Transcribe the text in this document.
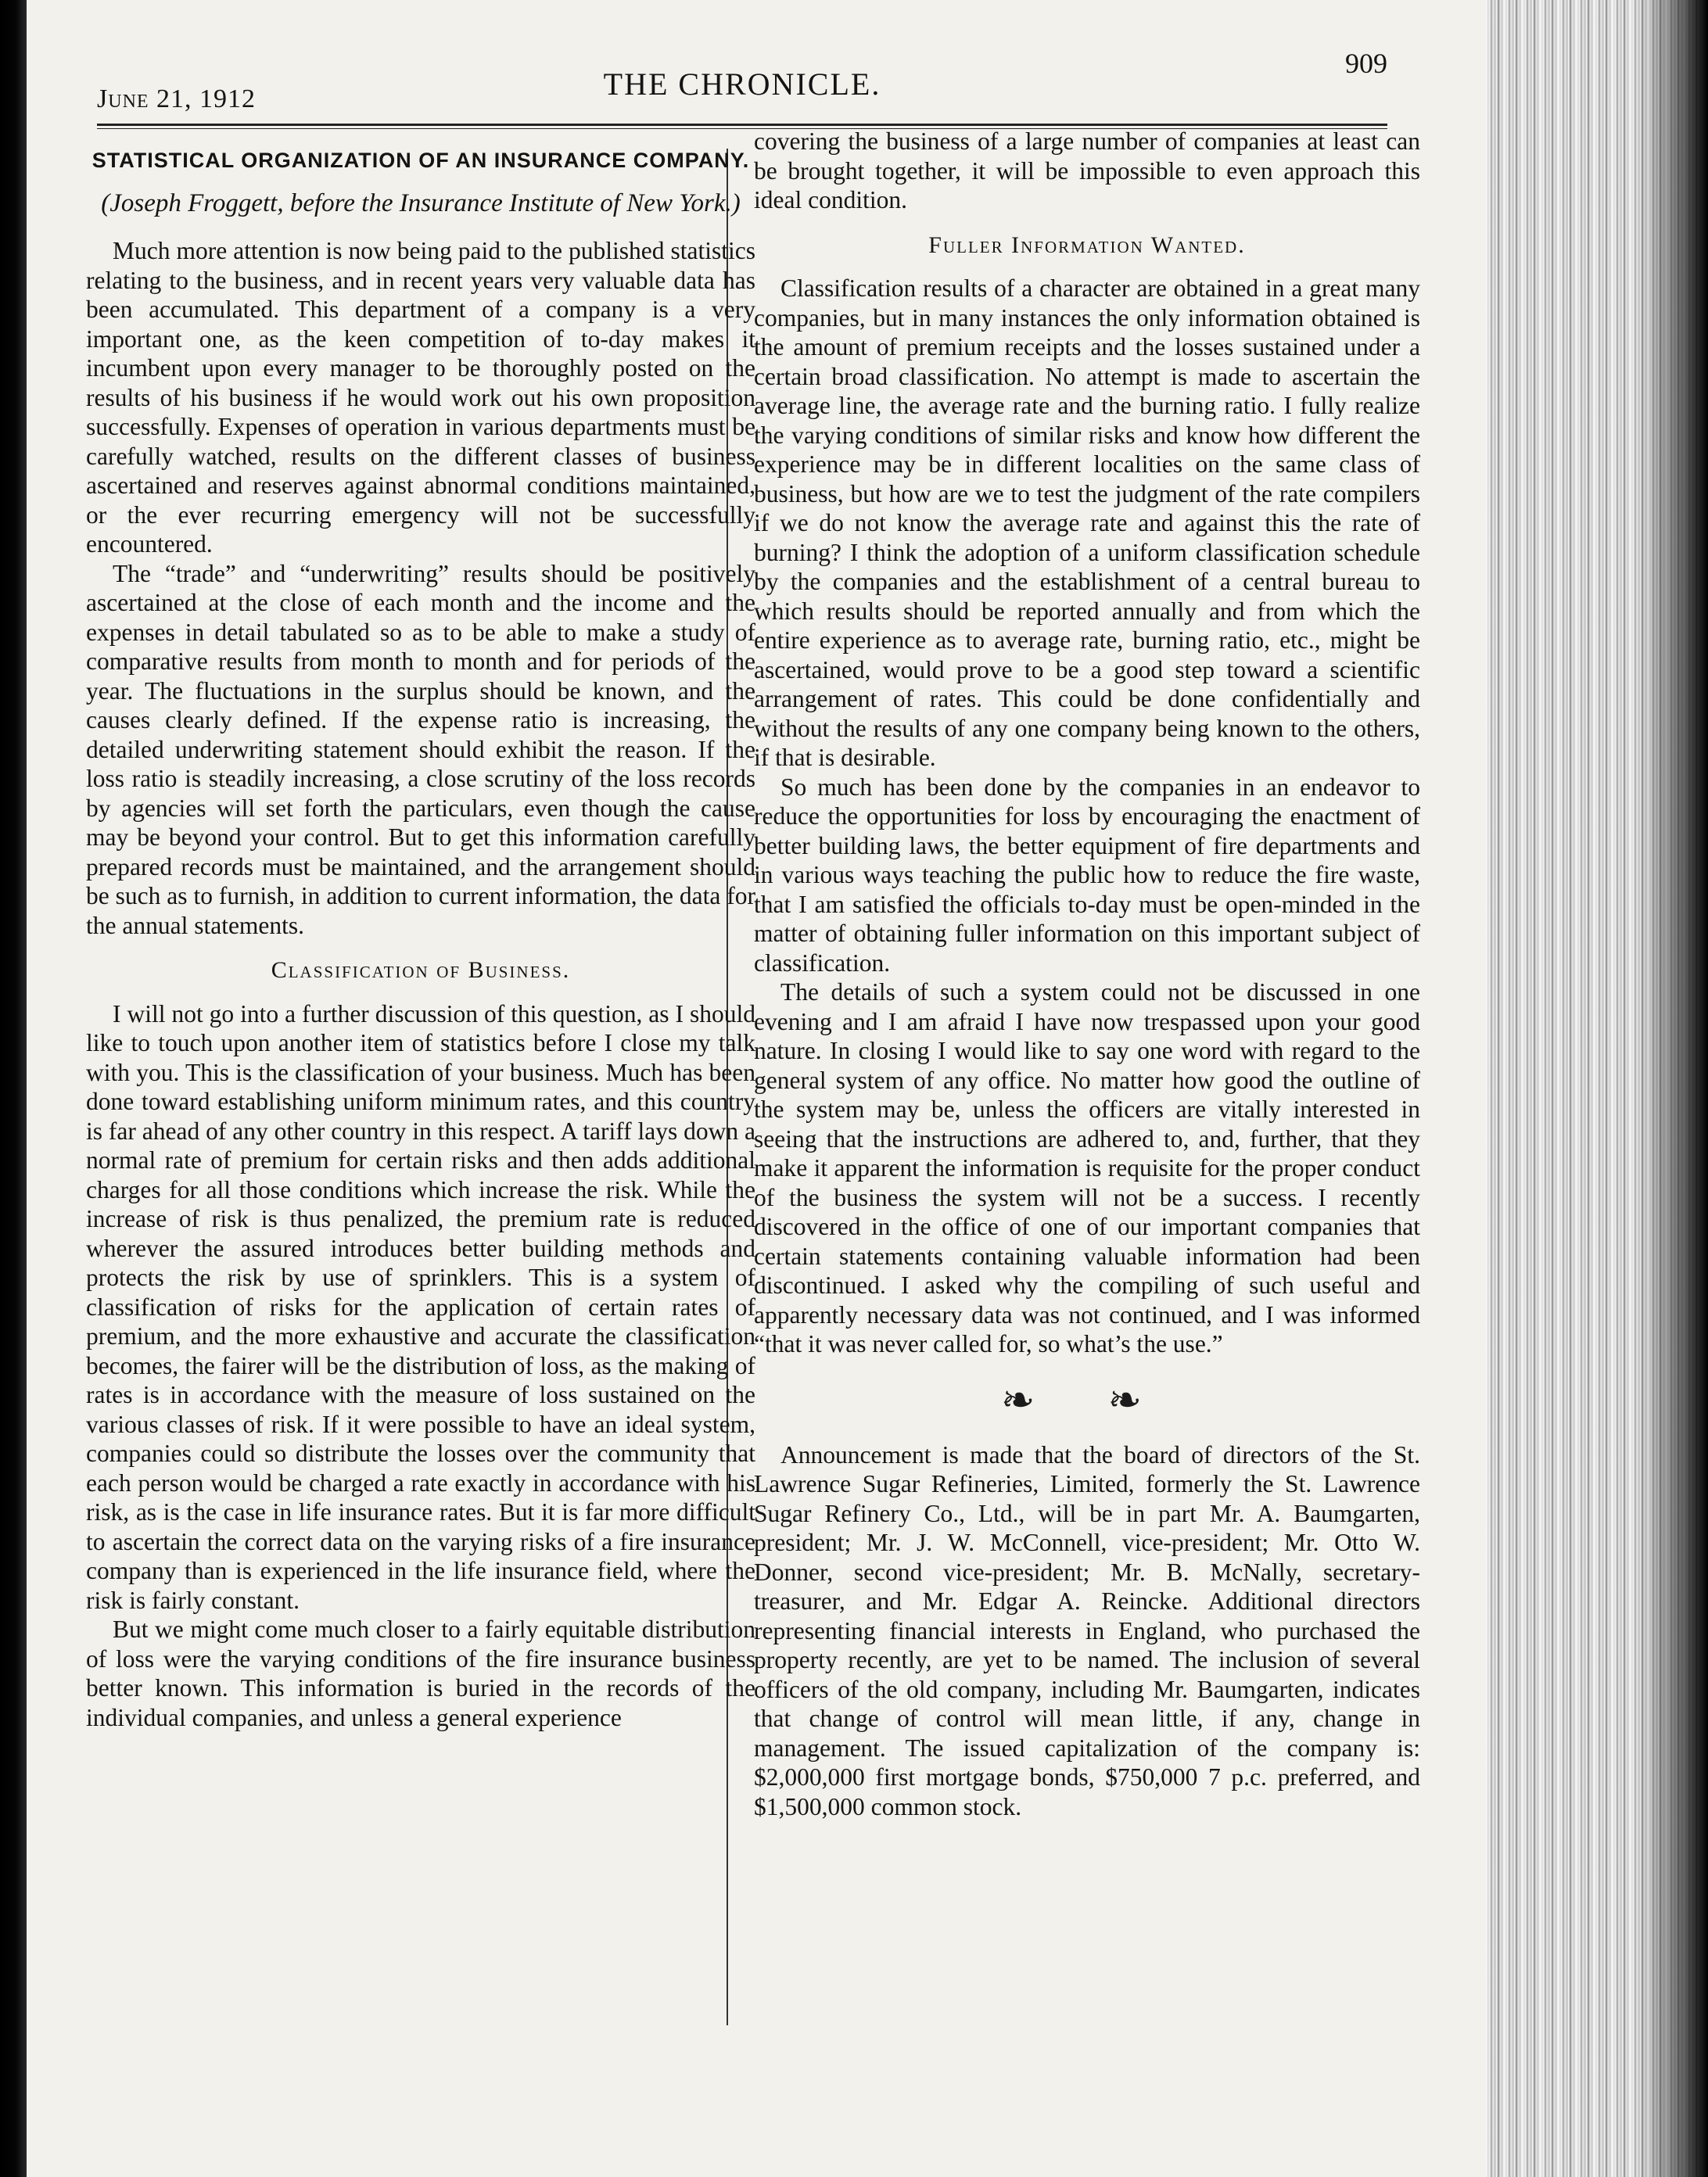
June 21, 1912	THE CHRONICLE.
909
STATISTICAL ORGANIZATION OF AN INSURANCE COMPANY.
(Joseph Froggett, before the Insurance Institute of New York.)

Much more attention is now being paid to the published statistics relating to the business, and in recent years very valuable data has been accumulated. This department of a company is a very important one, as the keen competition of to-day makes it incumbent upon every manager to be thoroughly posted on the results of his business if he would work out his own proposition successfully. Expenses of operation in various departments must be carefully watched, results on the different classes of business ascertained and reserves against abnormal conditions maintained, or the ever recurring emergency will not be successfully encountered.

The “trade” and “underwriting” results should be positively ascertained at the close of each month and the income and the expenses in detail tabulated so as to be able to make a study of comparative results from month to month and for periods of the year. The fluctuations in the surplus should be known, and the causes clearly defined. If the expense ratio is increasing, the detailed underwriting statement should exhibit the reason. If the loss ratio is steadily increasing, a close scrutiny of the loss records by agencies will set forth the particulars, even though the cause may be beyond your control. But to get this information carefully prepared records must be maintained, and the arrangement should be such as to furnish, in addition to current information, the data for the annual statements.

Classification of Business.

I will not go into a further discussion of this question, as I should like to touch upon another item of statistics before I close my talk with you. This is the classification of your business. Much has been done toward establishing uniform minimum rates, and this country is far ahead of any other country in this respect. A tariff lays down a normal rate of premium for certain risks and then adds additional charges for all those conditions which increase the risk. While the increase of risk is thus penalized, the premium rate is reduced wherever the assured introduces better building methods and protects the risk by use of sprinklers. This is a system of classification of risks for the application of certain rates of premium, and the more exhaustive and accurate the classification becomes, the fairer will be the distribution of loss, as the making of rates is in accordance with the measure of loss sustained on the various classes of risk. If it were possible to have an ideal system, companies could so distribute the losses over the community that each person would be charged a rate exactly in accordance with his risk, as is the case in life insurance rates. But it is far more difficult to ascertain the correct data on the varying risks of a fire insurance company than is experienced in the life insurance field, where the risk is fairly constant.

But we might come much closer to a fairly equitable distribution of loss were the varying conditions of the fire insurance business better known. This information is buried in the records of the individual companies, and unless a general experience

covering the business of a large number of companies at least can be brought together, it will be impossible to even approach this ideal condition.

Fuller Information Wanted.

Classification results of a character are obtained in a great many companies, but in many instances the only information obtained is the amount of premium receipts and the losses sustained under a certain broad classification. No attempt is made to ascertain the average line, the average rate and the burning ratio. I fully realize the varying conditions of similar risks and know how different the experience may be in different localities on the same class of business, but how are we to test the judgment of the rate compilers if we do not know the average rate and against this the rate of burning? I think the adoption of a uniform classification schedule by the companies and the establishment of a central bureau to which results should be reported annually and from which the entire experience as to average rate, burning ratio, etc., might be ascertained, would prove to be a good step toward a scientific arrangement of rates. This could be done confidentially and without the results of any one company being known to the others, if that is desirable.

So much has been done by the companies in an endeavor to reduce the opportunities for loss by encouraging the enactment of better building laws, the better equipment of fire departments and in various ways teaching the public how to reduce the fire waste, that I am satisfied the officials to-day must be open-minded in the matter of obtaining fuller information on this important subject of classification.

The details of such a system could not be discussed in one evening and I am afraid I have now trespassed upon your good nature. In closing I would like to say one word with regard to the general system of any office. No matter how good the outline of the system may be, unless the officers are vitally interested in seeing that the instructions are adhered to, and, further, that they make it apparent the information is requisite for the proper conduct of the business the system will not be a success. I recently discovered in the office of one of our important companies that certain statements containing valuable information had been discontinued. I asked why the compiling of such useful and apparently necessary data was not continued, and I was informed “that it was never called for, so what’s the use.”

❧ ❧

Announcement is made that the board of directors of the St. Lawrence Sugar Refineries, Limited, formerly the St. Lawrence Sugar Refinery Co., Ltd., will be in part Mr. A. Baumgarten, president; Mr. J. W. McConnell, vice-president; Mr. Otto W. Donner, second vice-president; Mr. B. McNally, secretary-treasurer, and Mr. Edgar A. Reincke. Additional directors representing financial interests in England, who purchased the property recently, are yet to be named. The inclusion of several officers of the old company, including Mr. Baumgarten, indicates that change of control will mean little, if any, change in management. The issued capitalization of the company is: $2,000,000 first mortgage bonds, $750,000 7 p.c. preferred, and $1,500,000 common stock.
